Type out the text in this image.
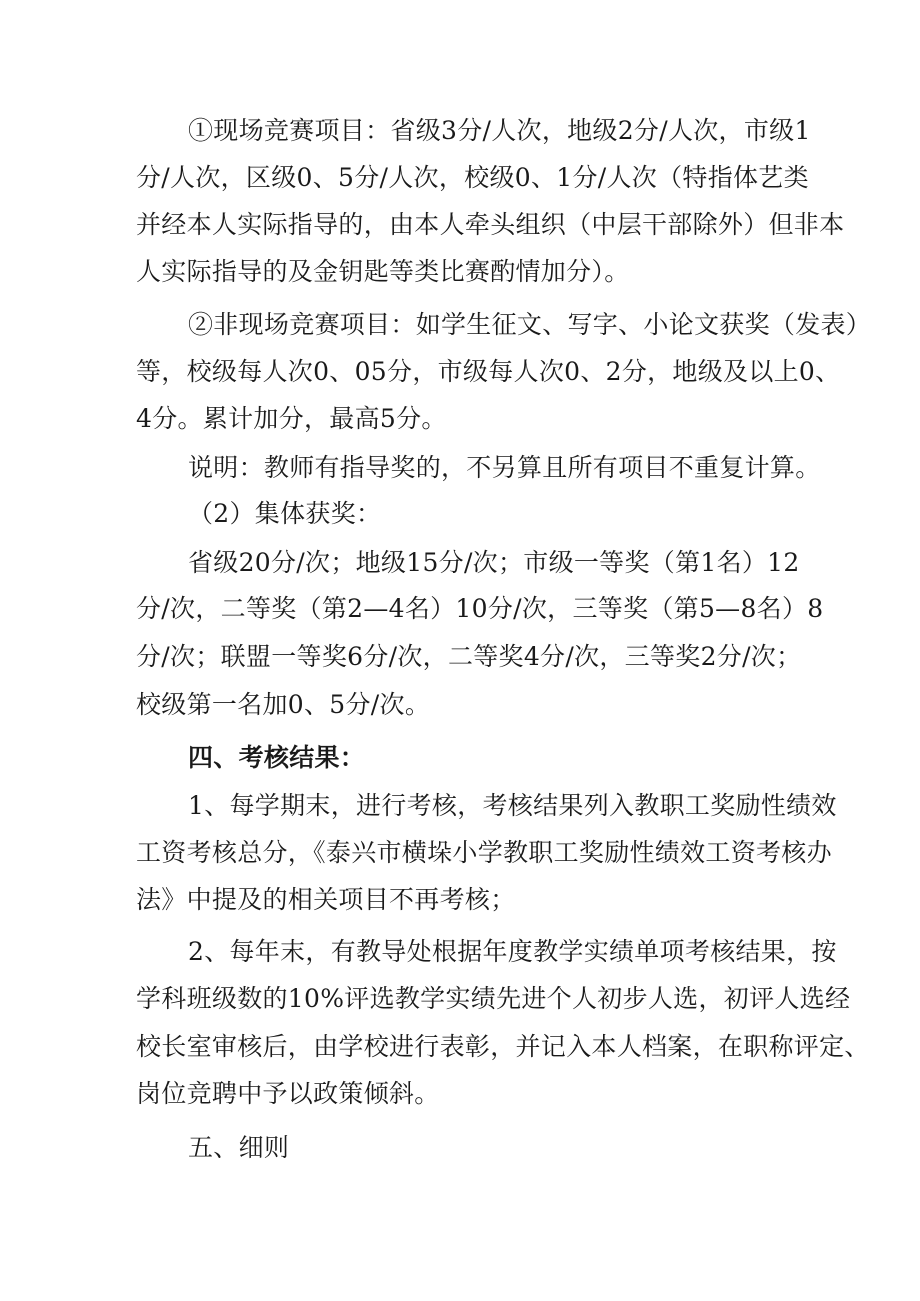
①现场竞赛项目：省级3分/人次，地级2分/人次，市级1
分/人次，区级0、5分/人次，校级0、1分/人次（特指体艺类
并经本人实际指导的，由本人牵头组织（中层干部除外）但非本
人实际指导的及金钥匙等类比赛酌情加分）。
②非现场竞赛项目：如学生征文、写字、小论文获奖（发表）
等，校级每人次0、05分，市级每人次0、2分，地级及以上0、
4分。累计加分，最高5分。
说明：教师有指导奖的，不另算且所有项目不重复计算。
（2）集体获奖：
省级20分/次；地级15分/次；市级一等奖（第1名）12
分/次，二等奖（第2—4名）10分/次，三等奖（第5—8名）8
分/次；联盟一等奖6分/次，二等奖4分/次，三等奖2分/次；
校级第一名加0、5分/次。
四、考核结果：
1、每学期末，进行考核，考核结果列入教职工奖励性绩效
工资考核总分，《泰兴市横垛小学教职工奖励性绩效工资考核办
法》中提及的相关项目不再考核；
2、每年末，有教导处根据年度教学实绩单项考核结果，按
学科班级数的10%评选教学实绩先进个人初步人选，初评人选经
校长室审核后，由学校进行表彰，并记入本人档案，在职称评定、
岗位竞聘中予以政策倾斜。
五、细则
